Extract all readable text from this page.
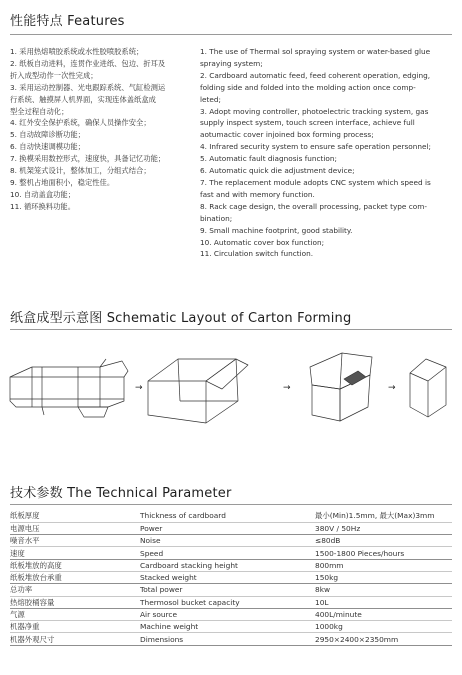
性能特点 Features
1. 采用热熔喷胶系统或水性胶喷胶系统；
2. 纸板自动进料，连贯作业进纸、包边、折耳及
折入成型动作一次性完成；
3. 采用运动控制器、光电跟踪系统、气缸检测运
行系统、触摸屏人机界面，实现连体盖纸盒成
型全过程自动化；
4. 红外安全保护系统，确保人员操作安全；
5. 自动故障诊断功能；
6. 自动快速调模功能；
7. 换模采用数控形式，速度快，具备记忆功能；
8. 机架笼式设计，整体加工，分组式结合；
9. 整机占地面积小，稳定性佳。
10. 自动盖盒功能；
11. 循环换料功能。
1. The use of Thermal sol spraying system or water-based glue
spraying system;
2. Cardboard automatic feed, feed coherent operation, edging,
folding side and folded into the molding action once comp-
leted;
3. Adopt moving controller, photoelectric tracking system, gas
supply inspect system, touch screen interface, achieve full
aotumactic cover injoined box forming process;
4. Infrared security system to ensure safe operation personnel;
5. Automatic fault diagnosis function;
6. Automatic quick die adjustment device;
7. The replacement module adopts CNC system which speed is
fast and with memory function.
8. Rack cage design, the overall processing, packet type com-
bination;
9. Small machine footprint, good stability.
10. Automatic cover box function;
11. Circulation switch function.
纸盒成型示意图 Schematic Layout of Carton Forming
→	→	→
技术参数 The Technical Parameter
纸板厚度	Thickness of cardboard	最小(Min)1.5mm, 最大(Max)3mm
电源电压	Power	380V / 50Hz
噪音水平	Noise	≤80dB
速度	Speed	1500-1800 Pieces/hours
纸板堆放的高度	Cardboard stacking height	800mm
纸板堆放台承重	Stacked weight	150kg
总功率	Total power	8kw
热熔胶桶容量	Thermosol bucket capacity	10L
气源	Air source	400L/minute
机器净重	Machine weight	1000kg
机器外观尺寸	Dimensions	2950×2400×2350mm
